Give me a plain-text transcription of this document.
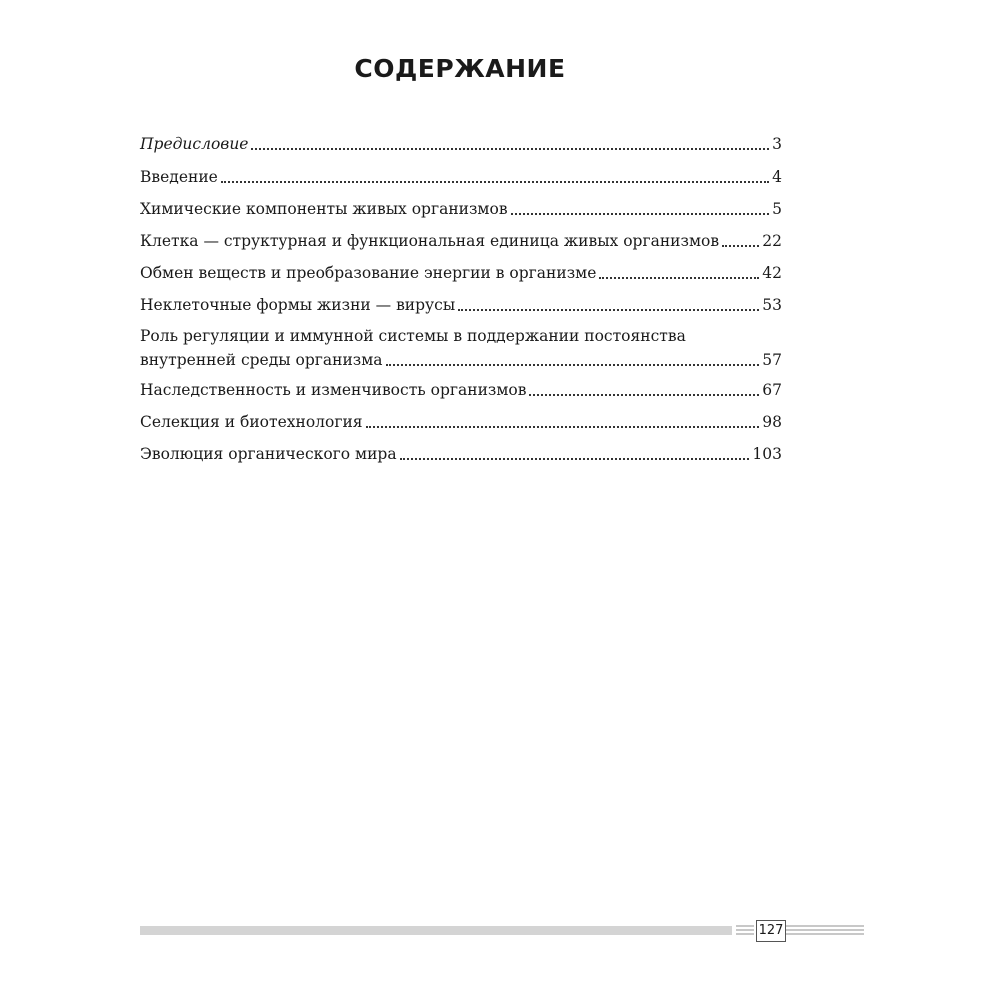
СОДЕРЖАНИЕ
Предисловие	3
Введение	4
Химические компоненты живых организмов	5
Клетка — структурная и функциональная единица живых организмов	22
Обмен веществ и преобразование энергии в организме	42
Неклеточные формы жизни — вирусы	53
Роль регуляции и иммунной системы в поддержании постоянства
внутренней среды организма	57
Наследственность и изменчивость организмов	67
Селекция и биотехнология	98
Эволюция органического мира	103
127
